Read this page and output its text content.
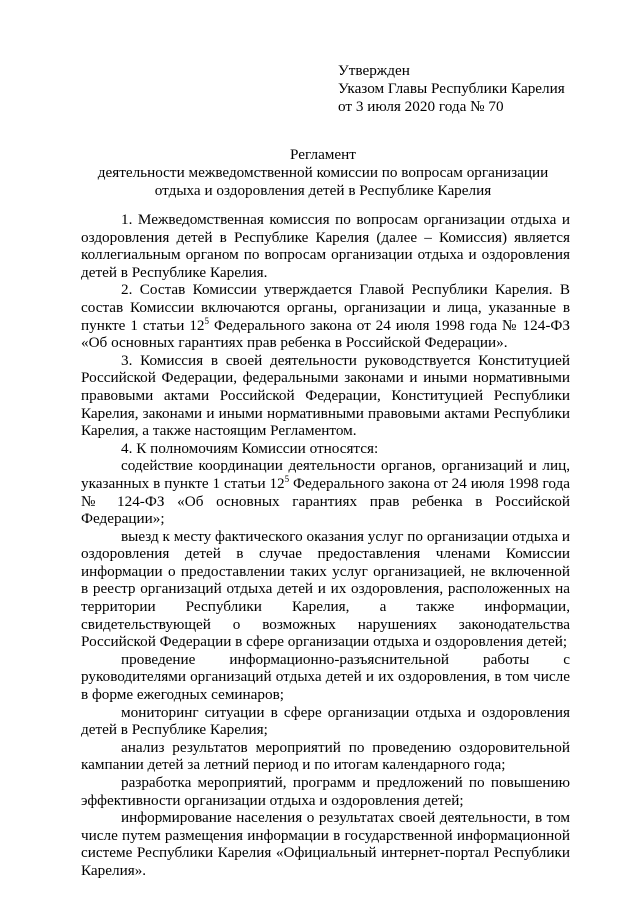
Утвержден
Указом Главы Республики Карелия
от 3 июля 2020 года № 70
Регламент
деятельности межведомственной комиссии по вопросам организации
отдыха и оздоровления детей в Республике Карелия

1. Межведомственная комиссия по вопросам организации отдыха и оздоровления детей в Республике Карелия (далее – Комиссия) является коллегиальным органом по вопросам организации отдыха и оздоровления детей в Республике Карелия.

2. Состав Комиссии утверждается Главой Республики Карелия. В состав Комиссии включаются органы, организации и лица, указанные в пункте 1 статьи $12^5$ Федерального закона от 24 июля 1998 года № 124-ФЗ «Об основных гарантиях прав ребенка в Российской Федерации».

3. Комиссия в своей деятельности руководствуется Конституцией Российской Федерации, федеральными законами и иными нормативными правовыми актами Российской Федерации, Конституцией Республики Карелия, законами и иными нормативными правовыми актами Республики Карелия, а также настоящим Регламентом.

4. К полномочиям Комиссии относятся:

содействие координации деятельности органов, организаций и лиц, указанных в пункте 1 статьи $12^5$ Федерального закона от 24 июля 1998 года № 124-ФЗ «Об основных гарантиях прав ребенка в Российской Федерации»;

выезд к месту фактического оказания услуг по организации отдыха и оздоровления детей в случае предоставления членами Комиссии информации о предоставлении таких услуг организацией, не включенной в реестр организаций отдыха детей и их оздоровления, расположенных на территории Республики Карелия, а также информации, свидетельствующей о возможных нарушениях законодательства Российской Федерации в сфере организации отдыха и оздоровления детей;

проведение информационно-разъяснительной работы с руководителями организаций отдыха детей и их оздоровления, в том числе в форме ежегодных семинаров;

мониторинг ситуации в сфере организации отдыха и оздоровления детей в Республике Карелия;

анализ результатов мероприятий по проведению оздоровительной кампании детей за летний период и по итогам календарного года;

разработка мероприятий, программ и предложений по повышению эффективности организации отдыха и оздоровления детей;

информирование населения о результатах своей деятельности, в том числе путем размещения информации в государственной информационной системе Республики Карелия «Официальный интернет-портал Республики Карелия».
